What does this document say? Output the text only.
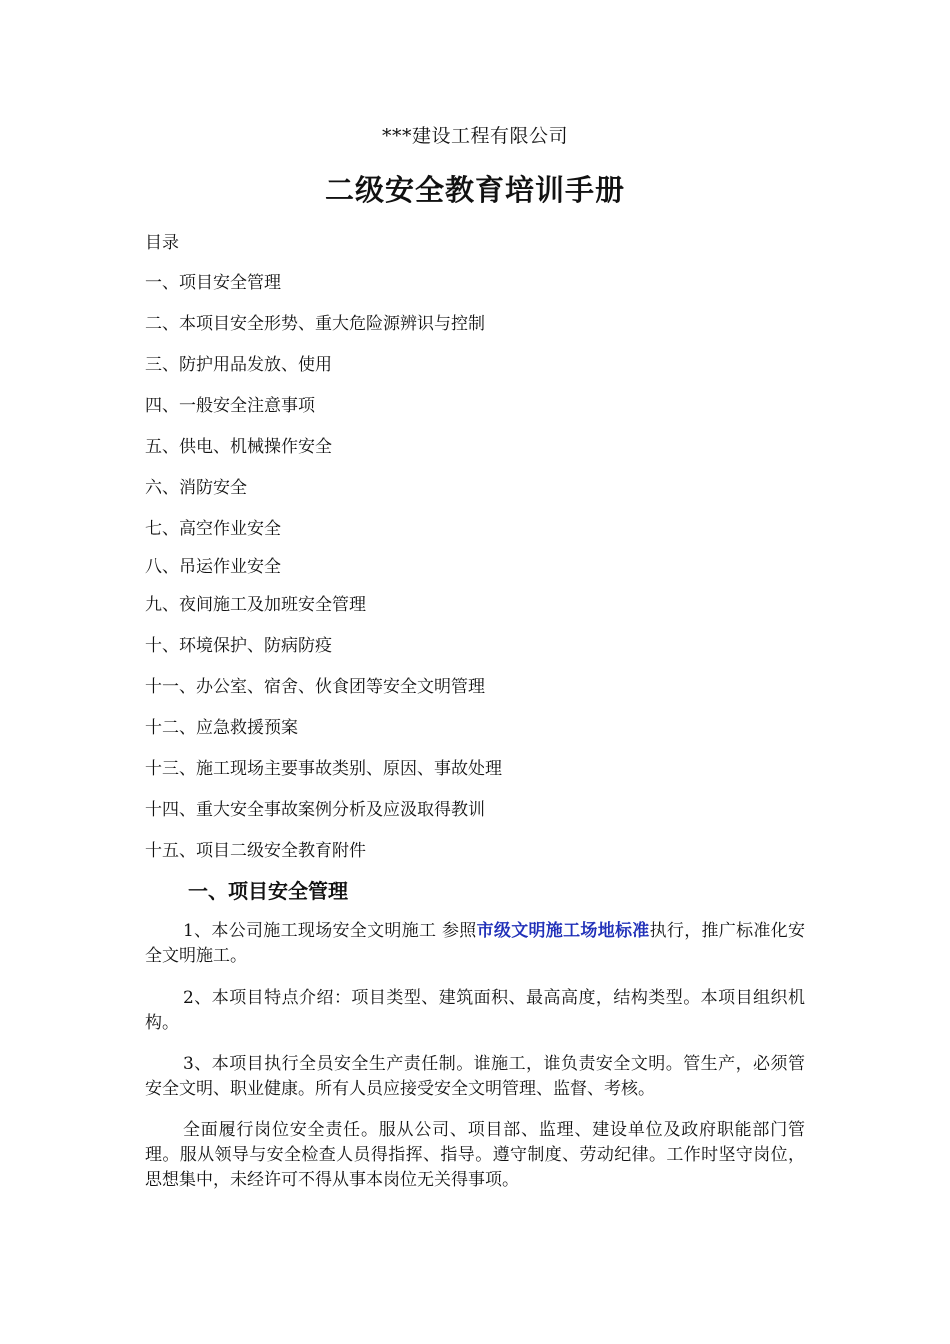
***建设工程有限公司
二级安全教育培训手册
目录
一、项目安全管理
二、本项目安全形势、重大危险源辨识与控制
三、防护用品发放、使用
四、一般安全注意事项
五、供电、机械操作安全
六、消防安全
七、高空作业安全
八、吊运作业安全
九、夜间施工及加班安全管理
十、环境保护、防病防疫
十一、办公室、宿舍、伙食团等安全文明管理
十二、应急救援预案
十三、施工现场主要事故类别、原因、事故处理
十四、重大安全事故案例分析及应汲取得教训
十五、项目二级安全教育附件
一、项目安全管理

1、本公司施工现场安全文明施工 参照市级文明施工场地标准执行，推广标准化安全文明施工。

2、本项目特点介绍：项目类型、建筑面积、最高高度，结构类型。本项目组织机构。

3、本项目执行全员安全生产责任制。谁施工，谁负责安全文明。管生产，必须管安全文明、职业健康。所有人员应接受安全文明管理、监督、考核。

全面履行岗位安全责任。服从公司、项目部、监理、建设单位及政府职能部门管理。服从领导与安全检查人员得指挥、指导。遵守制度、劳动纪律。工作时坚守岗位，思想集中，未经许可不得从事本岗位无关得事项。
